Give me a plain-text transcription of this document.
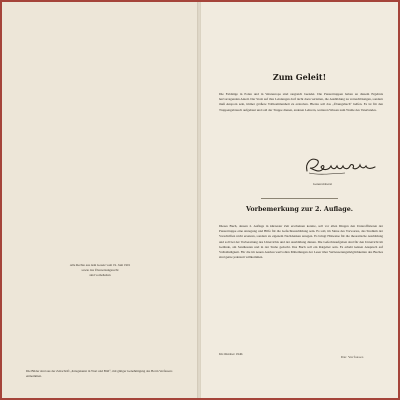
Alle Rechte aus dem Gesetz vom 19. Juni 1901
sowie das Übersetzungsrecht
sind vorbehalten
Die Bilder sind aus der Zeitschrift „Kriegskunst in Wort und Bild“, mit gütiger Genehmigung des Herrn Verfassers entnommen.
Zum Geleit!
Die Feldzüge in Polen und in Westeuropa sind siegreich beendet. Die Panzertruppen haben an diesem Ergebnis hervorragenden Anteil. Der Stolz auf ihre Leistungen darf nicht dazu verleiten, die Ausbildung zu vernachlässigen, sondern muß Ansporn sein, immer größere Vollkommenheit zu erstreben. Hierzu soll das „Übungsbuch“ helfen. Es ist für den Truppengebrauch aufgebaut und soll der Truppe dienen, anderen Lehrern, weiteren Wissen zum Wohle des Vaterlandes.
Generaloberst
Vorbemerkung zur 2. Auflage.
Dieses Buch, dessen 2. Auflage in kürzester Zeit erscheinen konnte, soll vor allen Dingen den Unteroffizieren der Panzertruppe eine Anregung und Hilfe für die Gefechtsausbildung sein. Es soll, im Sinne des Vorwortes, das Studium der Vorschriften nicht ersetzen, sondern zu eigenem Nachdenken anregen. Es bringt Hinweise für die theoretische Ausbildung und soll bei der Vorbereitung des Unterrichts und der Ausbildung dienen. Die Gefechtsaufgaben sind für den Unterricht im Gelände, am Sandkasten und in der Stube gedacht. Das Buch soll ein Ratgeber sein. Es erhebt keinen Anspruch auf Vollständigkeit. Für die im neuen Ausbau wertvollen Mitteilungen der Leser über Verbesserungsmöglichkeiten des Buches sind gerne jederzeit willkommen.
Im Oktober 1940.
Der Verfasser.
